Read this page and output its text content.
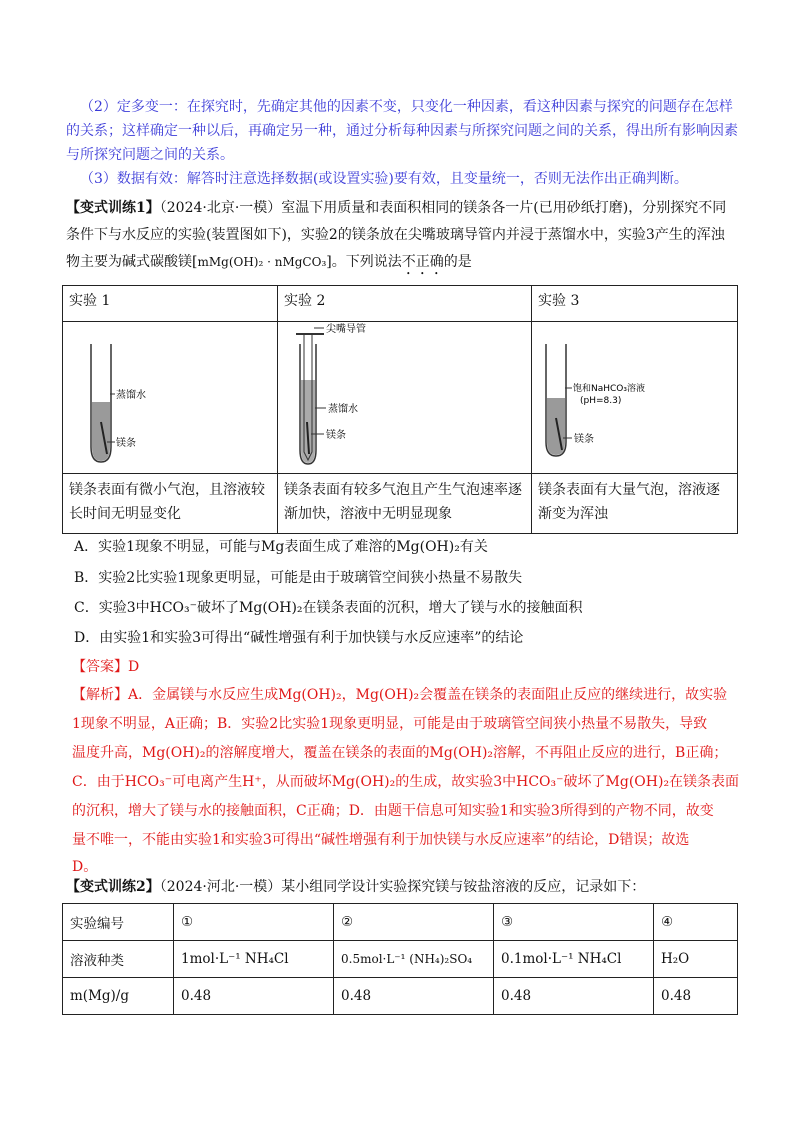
（2）定多变一：在探究时，先确定其他的因素不变，只变化一种因素，看这种因素与探究的问题存在怎样的关系；这样确定一种以后，再确定另一种，通过分析每种因素与所探究问题之间的关系，得出所有影响因素与所探究问题之间的关系。
（3）数据有效：解答时注意选择数据(或设置实验)要有效，且变量统一，否则无法作出正确判断。
【变式训练1】（2024·北京·一模）室温下用质量和表面积相同的镁条各一片(已用砂纸打磨)，分别探究不同条件下与水反应的实验(装置图如下)，实验2的镁条放在尖嘴玻璃导管内并浸于蒸馏水中，实验3产生的浑浊物主要为碱式碳酸镁[mMg(OH)₂ · nMgCO₃]。下列说法不正确的是
实验 1	实验 2	实验 3

蒸馏水
镁条	尖嘴导管
蒸馏水
镁条	饱和NaHCO₃溶液
(pH=8.3)
镁条

镁条表面有微小气泡，且溶液较长时间无明显变化	镁条表面有较多气泡且产生气泡速率逐渐加快，溶液中无明显现象	镁条表面有大量气泡，溶液逐渐变为浑浊
A．实验1现象不明显，可能与Mg表面生成了难溶的Mg(OH)₂有关
B．实验2比实验1现象更明显，可能是由于玻璃管空间狭小热量不易散失
C．实验3中HCO₃⁻破坏了Mg(OH)₂在镁条表面的沉积，增大了镁与水的接触面积
D．由实验1和实验3可得出“碱性增强有利于加快镁与水反应速率”的结论
【答案】D
【解析】A．金属镁与水反应生成Mg(OH)₂，Mg(OH)₂会覆盖在镁条的表面阻止反应的继续进行，故实验
1现象不明显，A正确；B．实验2比实验1现象更明显，可能是由于玻璃管空间狭小热量不易散失，导致
温度升高，Mg(OH)₂的溶解度增大，覆盖在镁条的表面的Mg(OH)₂溶解，不再阻止反应的进行，B正确；
C．由于HCO₃⁻可电离产生H⁺，从而破坏Mg(OH)₂的生成，故实验3中HCO₃⁻破坏了Mg(OH)₂在镁条表面
的沉积，增大了镁与水的接触面积，C正确；D．由题干信息可知实验1和实验3所得到的产物不同，故变
量不唯一，不能由实验1和实验3可得出“碱性增强有利于加快镁与水反应速率”的结论，D错误；故选
D。
【变式训练2】（2024·河北·一模）某小组同学设计实验探究镁与铵盐溶液的反应，记录如下：
实验编号	①	②	③	④
溶液种类	1mol·L⁻¹ NH₄Cl	0.5mol·L⁻¹ (NH₄)₂SO₄	0.1mol·L⁻¹ NH₄Cl	H₂O
m(Mg)/g	0.48	0.48	0.48	0.48
